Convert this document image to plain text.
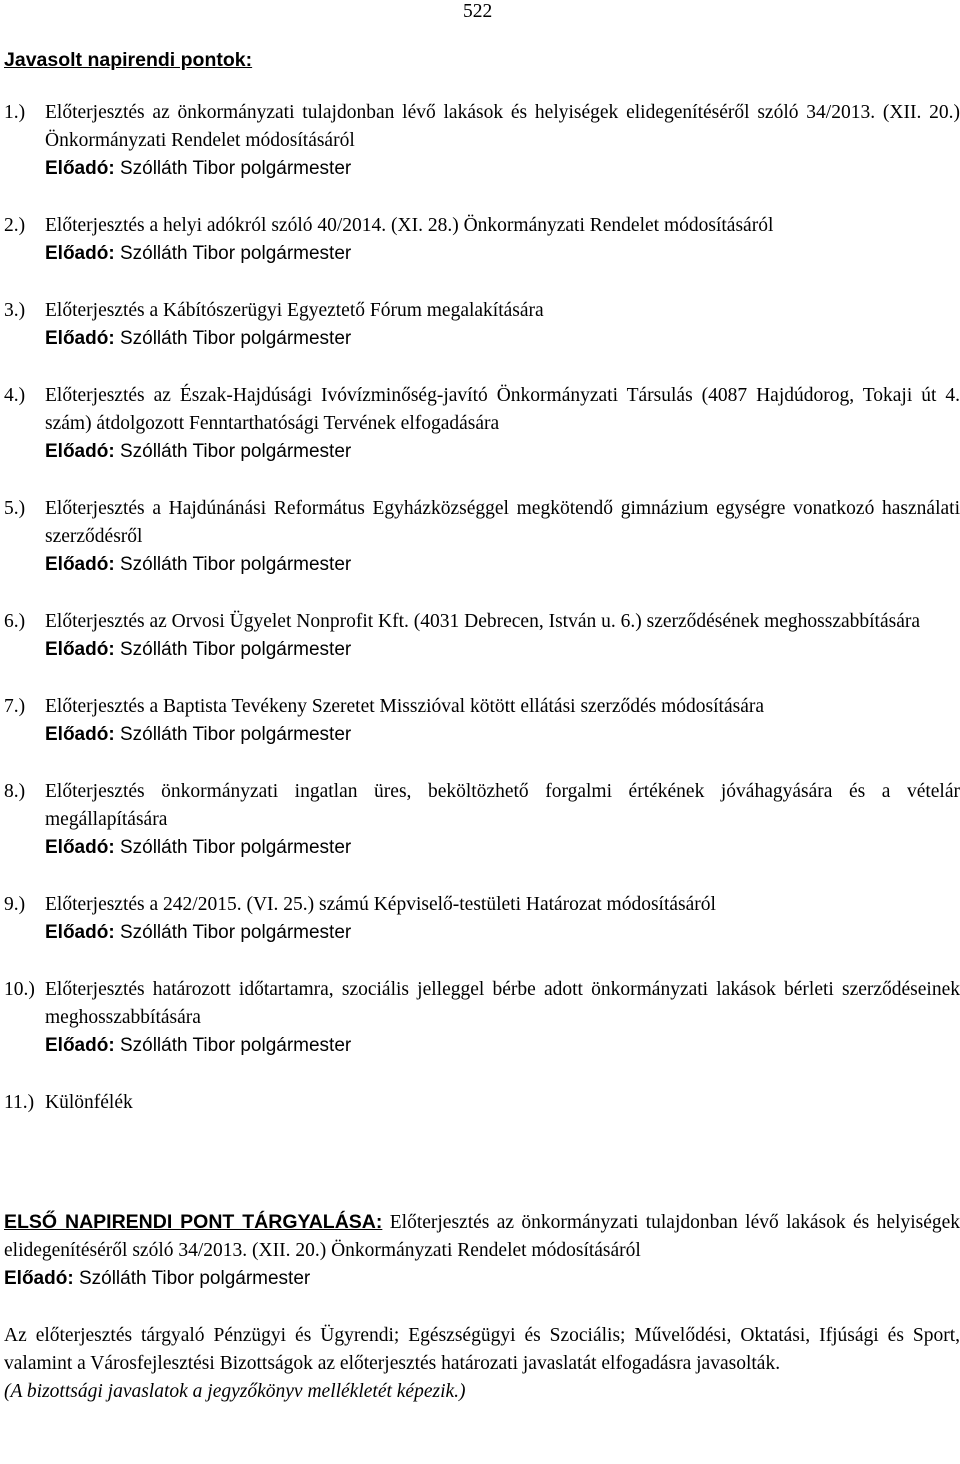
522
Javasolt napirendi pontok:
1.)	Előterjesztés az önkormányzati tulajdonban lévő lakások és helyiségek elidegenítéséről szóló 34/2013. (XII. 20.) Önkormányzati Rendelet módosításáról
Előadó: Szólláth Tibor polgármester
2.)	Előterjesztés a helyi adókról szóló 40/2014. (XI. 28.) Önkormányzati Rendelet módosításáról
Előadó: Szólláth Tibor polgármester
3.)	Előterjesztés a Kábítószerügyi Egyeztető Fórum megalakítására
Előadó: Szólláth Tibor polgármester
4.)	Előterjesztés az Észak-Hajdúsági Ivóvízminőség-javító Önkormányzati Társulás (4087 Hajdúdorog, Tokaji út 4. szám) átdolgozott Fenntarthatósági Tervének elfogadására
Előadó: Szólláth Tibor polgármester
5.)	Előterjesztés a Hajdúnánási Református Egyházközséggel megkötendő gimnázium egységre vonatkozó használati szerződésről
Előadó: Szólláth Tibor polgármester
6.)	Előterjesztés az Orvosi Ügyelet Nonprofit Kft. (4031 Debrecen, István u. 6.) szerződésének meghosszabbítására
Előadó: Szólláth Tibor polgármester
7.)	Előterjesztés a Baptista Tevékeny Szeretet Misszióval kötött ellátási szerződés módosítására
Előadó: Szólláth Tibor polgármester
8.)	Előterjesztés önkormányzati ingatlan üres, beköltözhető forgalmi értékének jóváhagyására és a vételár megállapítására
Előadó: Szólláth Tibor polgármester
9.)	Előterjesztés a 242/2015. (VI. 25.) számú Képviselő-testületi Határozat módosításáról
Előadó: Szólláth Tibor polgármester
10.) Előterjesztés határozott időtartamra, szociális jelleggel bérbe adott önkormányzati lakások bérleti szerződéseinek meghosszabbítására
Előadó: Szólláth Tibor polgármester
11.) Különfélék
ELSŐ NAPIRENDI PONT TÁRGYALÁSA: Előterjesztés az önkormányzati tulajdonban lévő lakások és helyiségek elidegenítéséről szóló 34/2013. (XII. 20.) Önkormányzati Rendelet módosításáról
Előadó: Szólláth Tibor polgármester
Az előterjesztés tárgyaló Pénzügyi és Ügyrendi; Egészségügyi és Szociális; Művelődési, Oktatási, Ifjúsági és Sport, valamint a Városfejlesztési Bizottságok az előterjesztés határozati javaslatát elfogadásra javasolták.
(A bizottsági javaslatok a jegyzőkönyv mellékletét képezik.)
